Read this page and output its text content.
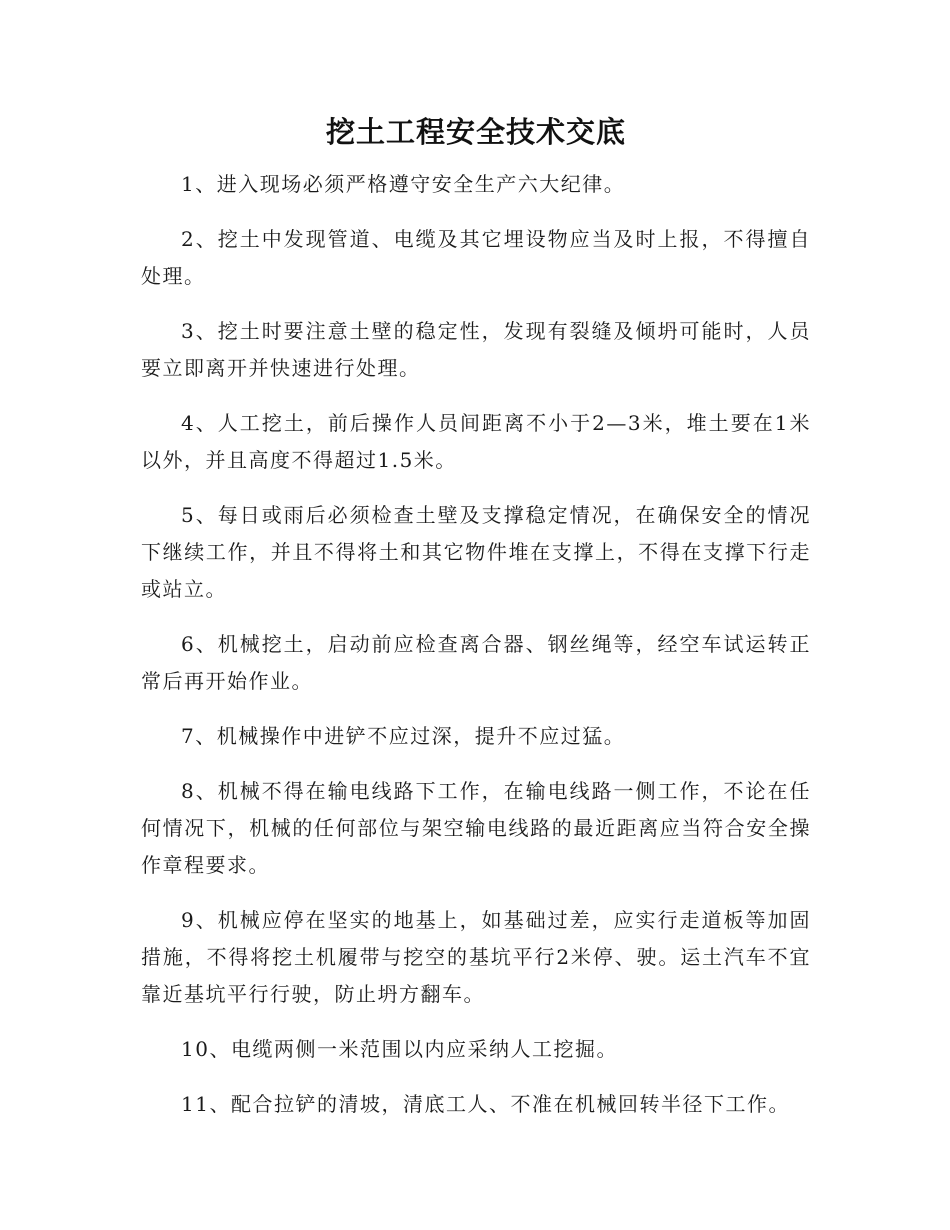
挖土工程安全技术交底

1、进入现场必须严格遵守安全生产六大纪律。

2、挖土中发现管道、电缆及其它埋设物应当及时上报，不得擅自处理。

3、挖土时要注意土壁的稳定性，发现有裂缝及倾坍可能时，人员要立即离开并快速进行处理。

4、人工挖土，前后操作人员间距离不小于2—3米，堆土要在1米以外，并且高度不得超过1.5米。

5、每日或雨后必须检查土壁及支撑稳定情况，在确保安全的情况下继续工作，并且不得将土和其它物件堆在支撑上，不得在支撑下行走或站立。

6、机械挖土，启动前应检查离合器、钢丝绳等，经空车试运转正常后再开始作业。

7、机械操作中进铲不应过深，提升不应过猛。

8、机械不得在输电线路下工作，在输电线路一侧工作，不论在任何情况下，机械的任何部位与架空输电线路的最近距离应当符合安全操作章程要求。

9、机械应停在坚实的地基上，如基础过差，应实行走道板等加固措施，不得将挖土机履带与挖空的基坑平行2米停、驶。运土汽车不宜靠近基坑平行行驶，防止坍方翻车。

10、电缆两侧一米范围以内应采纳人工挖掘。

11、配合拉铲的清坡，清底工人、不准在机械回转半径下工作。
